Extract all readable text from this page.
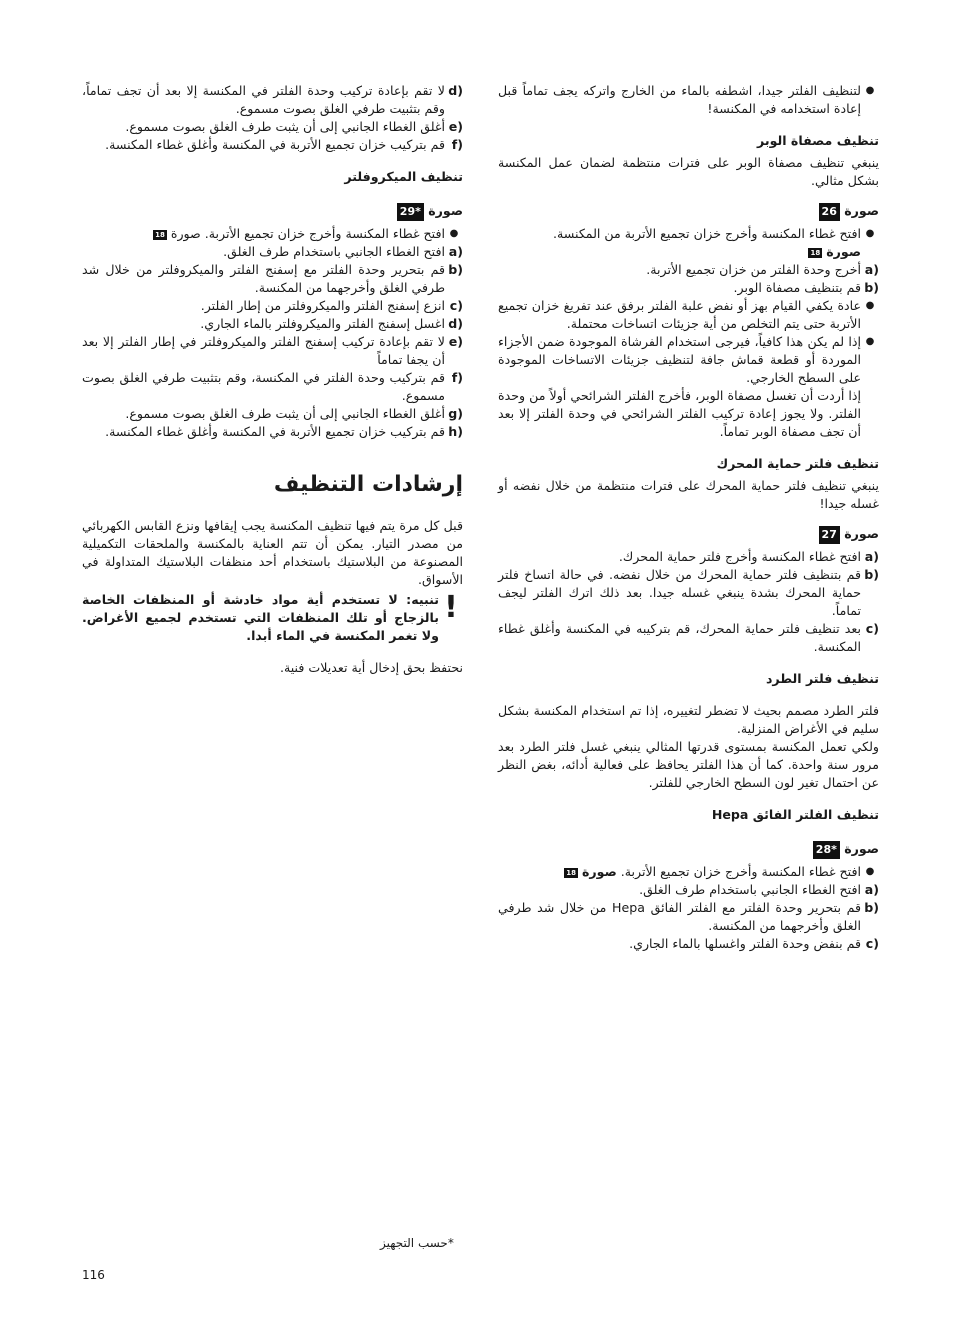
●
لتنظيف الفلتر جيدا، اشطفه بالماء من الخارج واتركه يجف تماماً قبل إعادة استخدامه في المكنسة!
تنظيف مصفاة الوبر

ينبغي تنظيف مصفاة الوبر على فترات منتظمة لضمان عمل المكنسة بشكل مثالي.

صورة 26
●
افتح غطاء المكنسة وأخرج خزان تجميع الأتربة من المكنسة.
صورة 18
a)
أخرج وحدة الفلتر من خزان تجميع الأتربة.
b)
قم بتنظيف مصفاة الوبر.
●
عادة يكفي القيام بهز أو نفض علبة الفلتر برفق عند تفريغ خزان تجميع الأتربة حتى يتم التخلص من أية جزيئات اتساخات محتملة.
●
إذا لم يكن هذا كافياً، فيرجى استخدام الفرشاة الموجودة ضمن الأجزاء الموردة أو قطعة قماش جافة لتنظيف جزيئات الاتساخات الموجودة على السطح الخارجي.
إذا أردت أن تغسل مصفاة الوبر، فأخرج الفلتر الشرائحي أولاً من وحدة الفلتر. ولا يجوز إعادة تركيب الفلتر الشرائحي في وحدة الفلتر إلا بعد أن تجف مصفاة الوبر تماماً.
تنظيف فلتر حماية المحرك

ينبغي تنظيف فلتر حماية المحرك على فترات منتظمة من خلال نفضه أو غسله جيدا!

صورة 27
a)
افتح غطاء المكنسة وأخرج فلتر حماية المحرك.
b)
قم بتنظيف فلتر حماية المحرك من خلال نفضه. في حالة اتساخ فلتر حماية المحرك بشدة ينبغي غسله جيدا. بعد ذلك اترك الفلتر ليجف تماماً.
c)
بعد تنظيف فلتر حماية المحرك، قم بتركيبه في المكنسة وأغلق غطاء المكنسة.
تنظيف فلتر الطرد

فلتر الطرد مصمم بحيث لا تضطر لتغييره، إذا تم استخدام المكنسة بشكل سليم في الأغراض المنزلية.

ولكي تعمل المكنسة بمستوى قدرتها المثالي ينبغي غسل فلتر الطرد بعد مرور سنة واحدة. كما أن هذا الفلتر يحافظ على فعالية أدائه، بغض النظر عن احتمال تغير لون السطح الخارجي للفلتر.

تنظيف الفلتر الفائق Hepa
صورة 28*
●
افتح غطاء المكنسة وأخرج خزان تجميع الأتربة. صورة 18
a)
افتح الغطاء الجانبي باستخدام طرف الغلق.
b)
قم بتحرير وحدة الفلتر مع الفلتر الفائق Hepa من خلال شد طرفي الغلق وأخرجهما من المكنسة.
c)
قم بنفض وحدة الفلتر واغسلها بالماء الجاري.
d)
لا تقم بإعادة تركيب وحدة الفلتر في المكنسة إلا بعد أن تجف تماماً، وقم بتثبيت طرفي الغلق بصوت مسموع.
e)
أغلق الغطاء الجانبي إلى أن يثبت طرف الغلق بصوت مسموع.
f)
قم بتركيب خزان تجميع الأتربة في المكنسة وأغلق غطاء المكنسة.
تنظيف الميكروفلتر
صورة 29*
●
افتح غطاء المكنسة وأخرج خزان تجميع الأتربة. صورة 18
a)
افتح الغطاء الجانبي باستخدام طرف الغلق.
b)
قم بتحرير وحدة الفلتر مع إسفنج الفلتر والميكروفلتر من خلال شد طرفي الغلق وأخرجهما من المكنسة.
c)
انزع إسفنج الفلتر والميكروفلتر من إطار الفلتر.
d)
اغسل إسفنج الفلتر والميكروفلتر بالماء الجاري.
e)
لا تقم بإعادة تركيب إسفنج الفلتر والميكروفلتر في إطار الفلتر إلا بعد أن يجفا تماماً
f)
قم بتركيب وحدة الفلتر في المكنسة، وقم بتثبيت طرفي الغلق بصوت مسموع.
g)
أغلق الغطاء الجانبي إلى أن يثبت طرف الغلق بصوت مسموع.
h)
قم بتركيب خزان تجميع الأتربة في المكنسة وأغلق غطاء المكنسة.
إرشادات التنظيف

قبل كل مرة يتم فيها تنظيف المكنسة يجب إيقافها ونزع القابس الكهربائي من مصدر التيار. يمكن أن تتم العناية بالمكنسة والملحقات التكميلية المصنوعة من البلاستيك باستخدام أحد منظفات البلاستيك المتداولة في الأسواق.

!
تنبيه: لا تستخدم أية مواد خادشة أو المنظفات الخاصة بالزجاج أو تلك المنظفات التي تستخدم لجميع الأغراض. ولا تغمر المكنسة في الماء أبدا.

نحتفظ بحق إدخال أية تعديلات فنية.

*حسب التجهيز
116
